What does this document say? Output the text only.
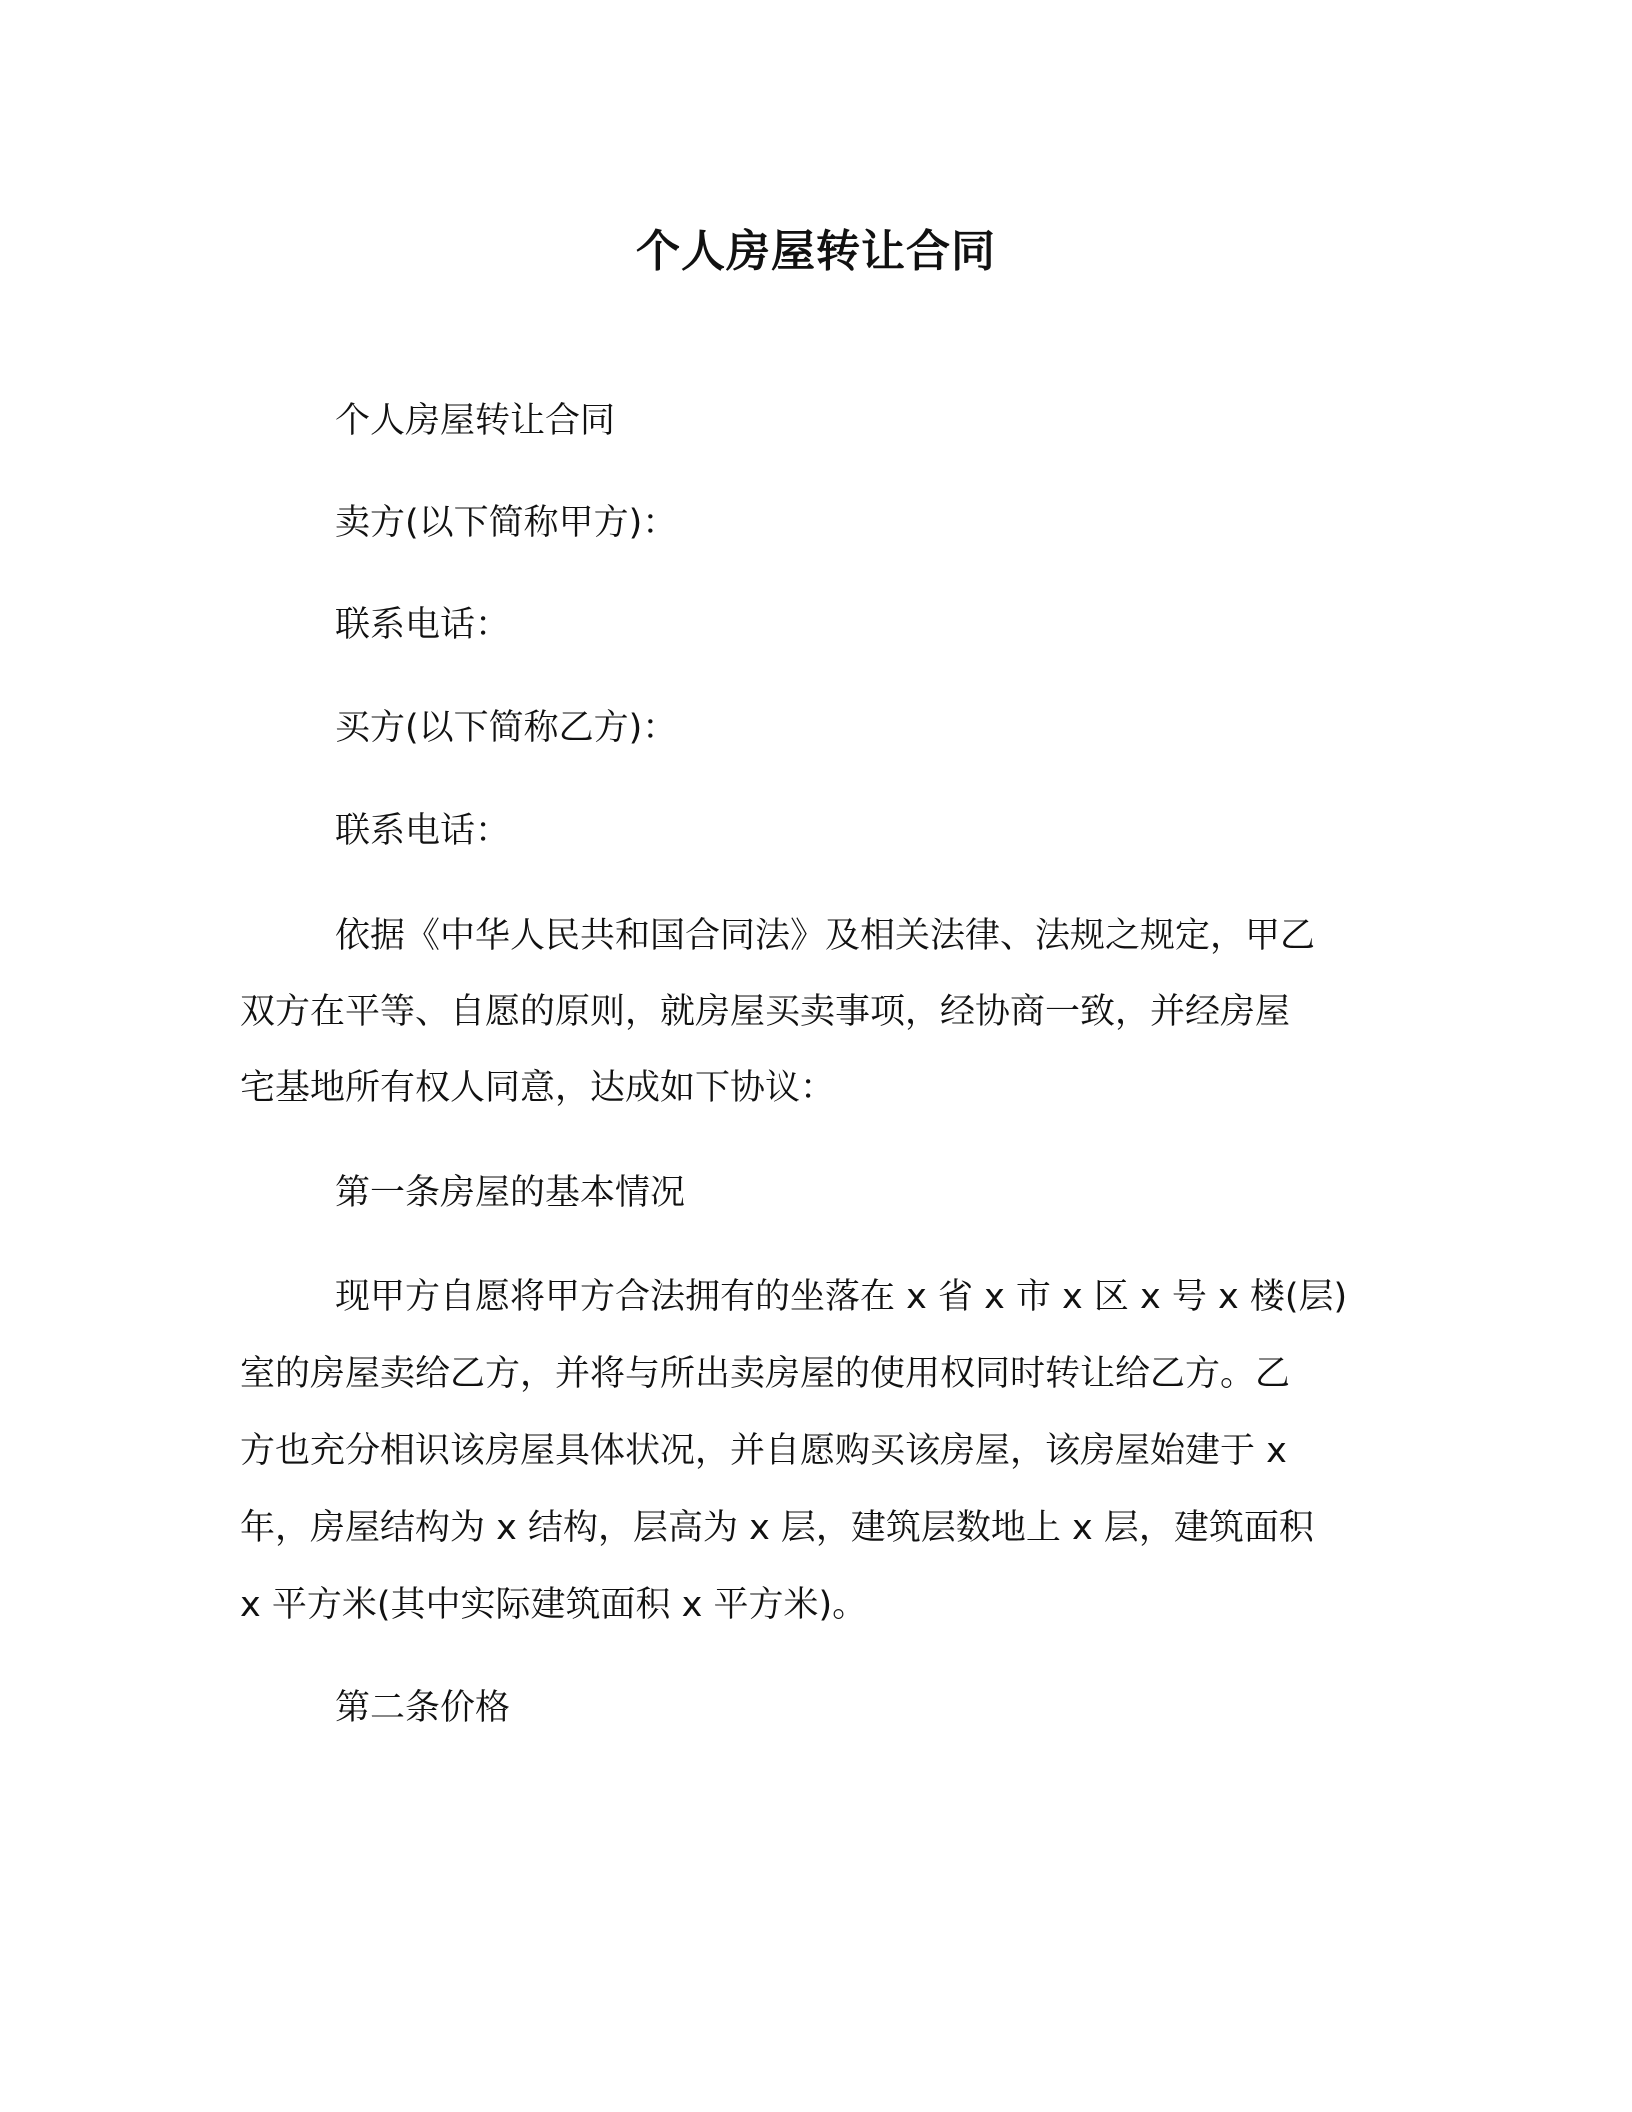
个人房屋转让合同
个人房屋转让合同
卖方(以下简称甲方)：
联系电话：
买方(以下简称乙方)：
联系电话：
依据《中华人民共和国合同法》及相关法律、法规之规定，甲乙
双方在平等、自愿的原则，就房屋买卖事项，经协商一致，并经房屋
宅基地所有权人同意，达成如下协议：
第一条房屋的基本情况
现甲方自愿将甲方合法拥有的坐落在 x 省 x 市 x 区 x 号 x 楼(层)
室的房屋卖给乙方，并将与所出卖房屋的使用权同时转让给乙方。乙
方也充分相识该房屋具体状况，并自愿购买该房屋，该房屋始建于 x
年，房屋结构为 x 结构，层高为 x 层，建筑层数地上 x 层，建筑面积
x 平方米(其中实际建筑面积 x 平方米)。
第二条价格
